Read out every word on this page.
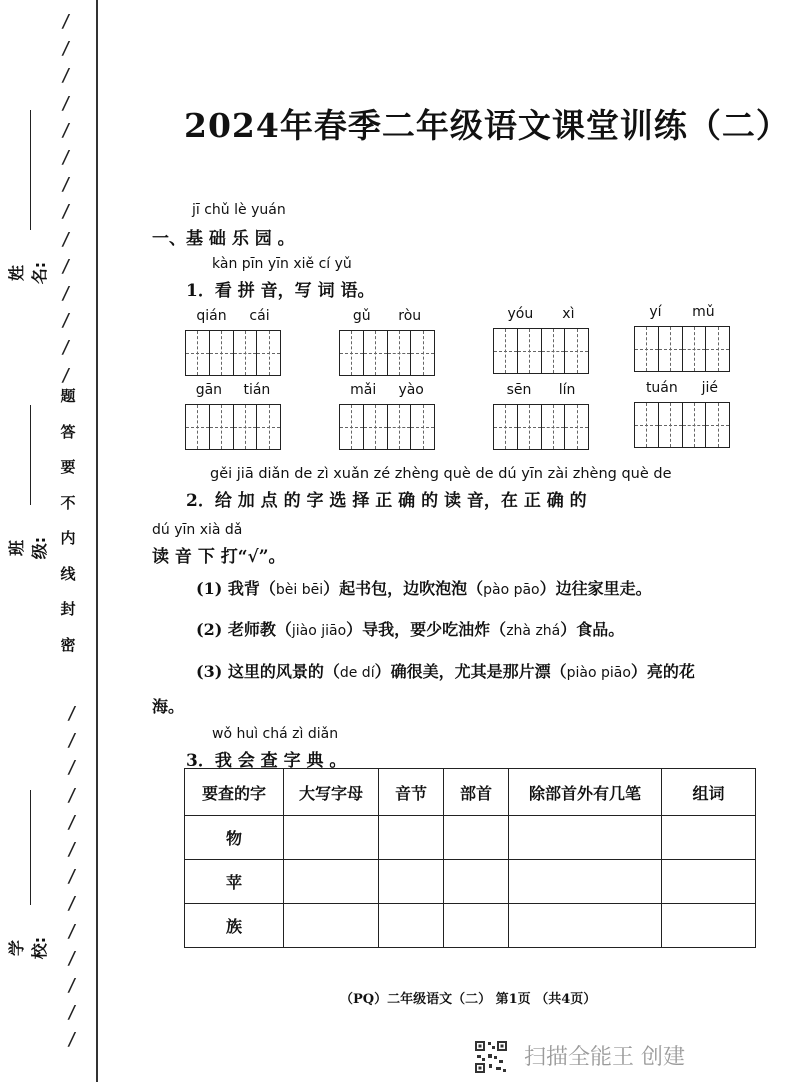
/
/
/
/
/
/
/
/
/
/
/
/
/
/
题
答
要
不
内
线
封
密
/
/
/
/
/
/
/
/
/
/
/
/
/
姓名:
班级:
学校:
2024年春季二年级语文课堂训练（二）
jī chǔ lè yuán
一、基 础 乐 园 。
kàn pīn yīn xiě cí yǔ
1．看 拼 音，写 词 语。
qián cái	gǔ ròu	yóu xì	yí mǔ
gān tián	mǎi yào	sēn lín	tuán jié
gěi jiā diǎn de zì xuǎn zé zhèng què de dú yīn zài zhèng què de
2．给 加 点 的 字 选 择 正 确 的 读 音，在 正 确 的
dú yīn xià dǎ
读 音 下 打“√”。
(1) 我背（bèi bēi）起书包，边吹泡泡（pào pāo）边往家里走。
(2) 老师教（jiào jiāo）导我，要少吃油炸（zhà zhá）食品。
(3) 这里的风景的（de dí）确很美，尤其是那片漂（piào piāo）亮的花
海。
wǒ huì chá zì diǎn
3．我 会 查 字 典 。
要查的字	大写字母	音节	部首	除部首外有几笔	组词
物					
苹					
族					
（PQ）二年级语文（二） 第1页 （共4页）
扫描全能王 创建
